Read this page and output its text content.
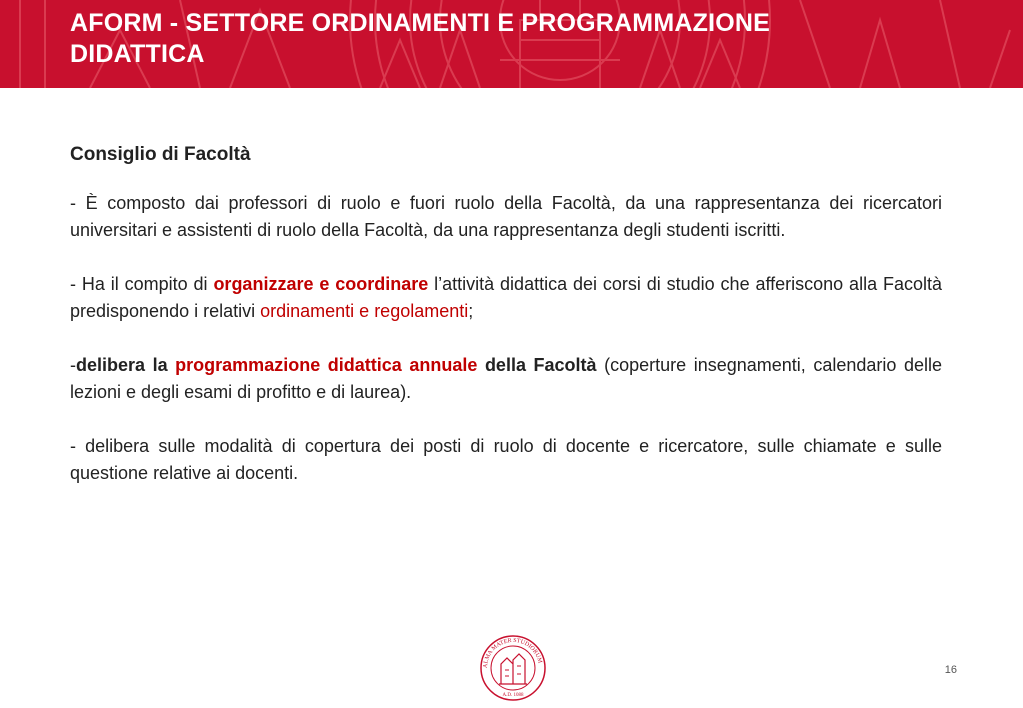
AFORM - SETTORE ORDINAMENTI E PROGRAMMAZIONE
DIDATTICA
Consiglio di Facoltà

- È composto dai professori di ruolo e fuori ruolo della Facoltà, da una rappresentanza dei ricercatori universitari e assistenti di ruolo della Facoltà, da una rappresentanza degli studenti iscritti.

- Ha il compito di organizzare e coordinare l’attività didattica dei corsi di studio che afferiscono alla Facoltà predisponendo i relativi ordinamenti e regolamenti;

-delibera la programmazione didattica annuale della Facoltà (coperture insegnamenti, calendario delle lezioni e degli esami di profitto e di laurea).

- delibera sulle modalità di copertura dei posti di ruolo di docente e ricercatore, sulle chiamate e sulle questione relative ai docenti.

ALMA MATER STUDIORUM
A.D. 1088
16
